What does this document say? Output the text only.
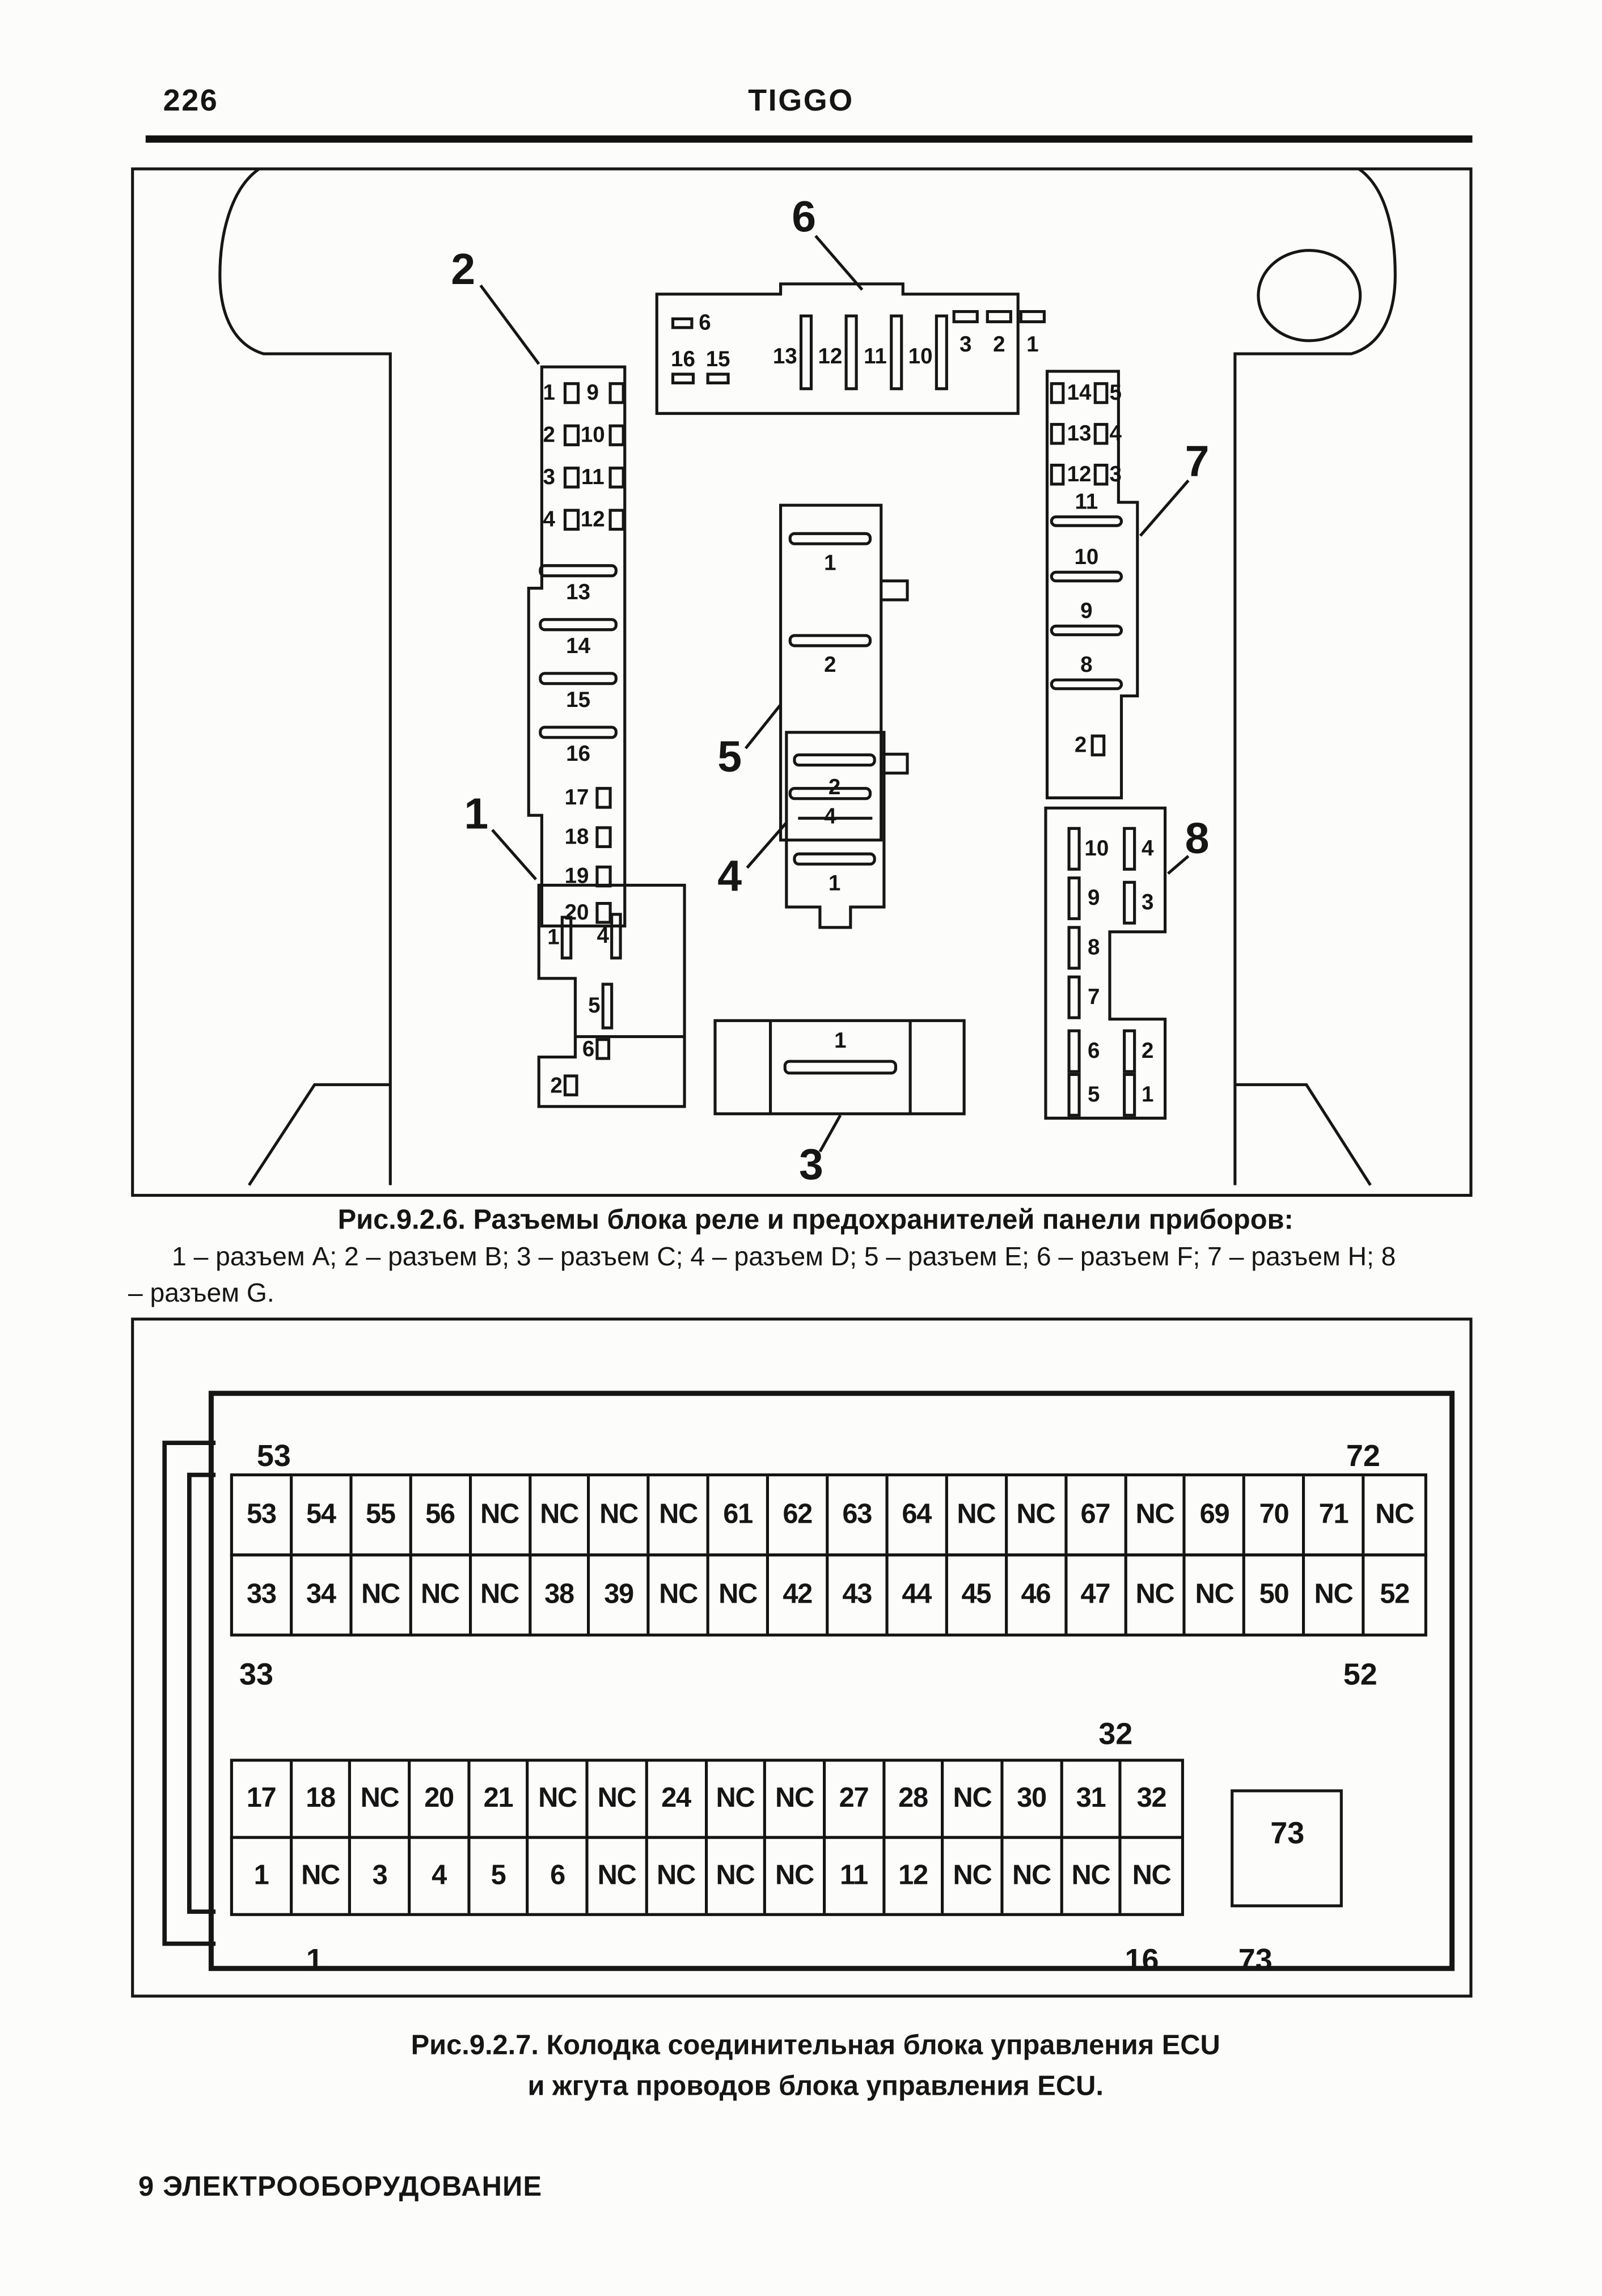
226	TIGGO
1
2
3
4
5
6
7
8
1
2
3
4
9
10
11
12
13
14
15
16
17
18
19
20
6
16 15	13 12	11	10	3	2	1
14 5
13 4
12 3
11
10
9
8
2
1
2
4
2
1
1
1	4
5
6
2
10
9
8
7
6
5
4
3
2
1
Рис.9.2.6. Разъемы блока реле и предохранителей панели приборов:
1 – разъем А; 2 – разъем В; 3 – разъем С; 4 – разъем D; 5 – разъем Е; 6 – разъем F; 7 – разъем Н; 8
– разъем G.
53	72
53	54	55	56	NC	NC	NC	NC	61	62	63	64	NC	NC	67	NC	69	70	71	NC
33	34	NC	NC	NC	38	39	NC	NC	42	43	44	45	46	47	NC	NC	50	NC	52
33	52
32
17	18	NC	20	21	NC	NC	24	NC	NC	27	28	NC	30	31	32
1	NC	3	4	5	6	NC	NC	NC	NC	11	12	NC	NC	NC	NC
1	16	73
73
Рис.9.2.7. Колодка соединительная блока управления ECU
и жгута проводов блока управления ECU.
9 ЭЛЕКТРООБОРУДОВАНИЕ
